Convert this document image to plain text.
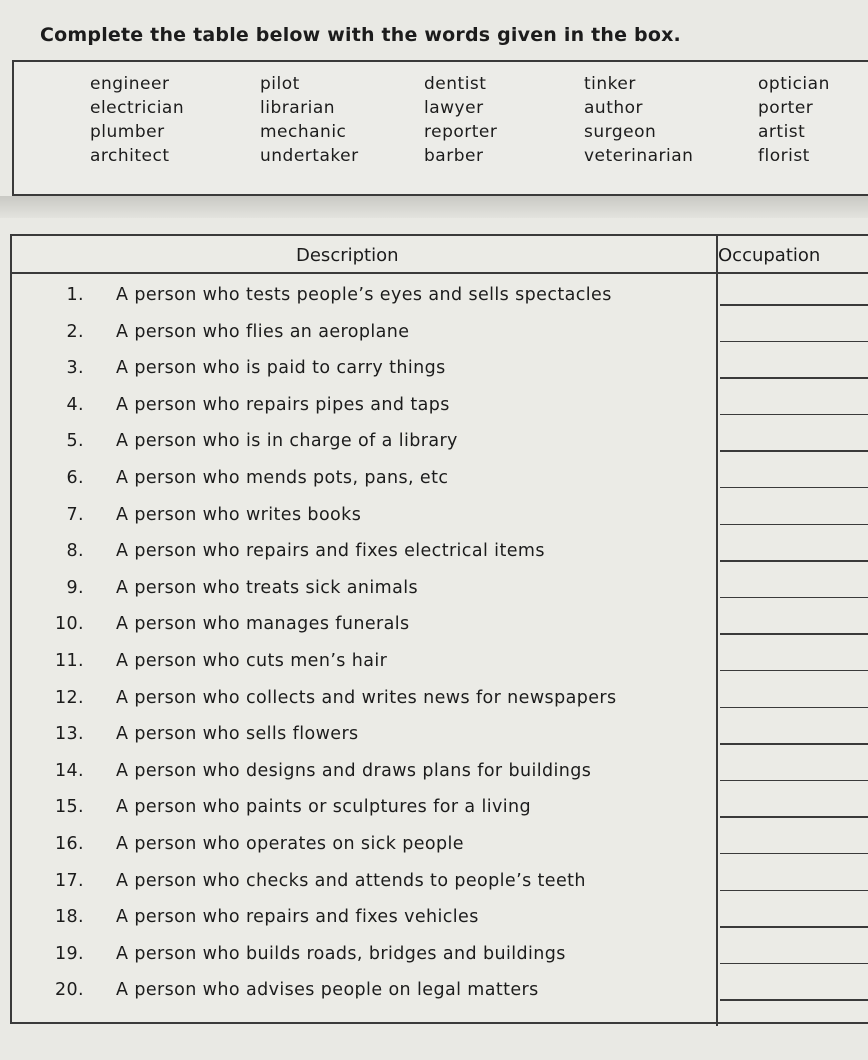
Complete the table below with the words given in the box.
engineer	pilot	dentist	tinker	optician
electrician	librarian	lawyer	author	porter
plumber	mechanic	reporter	surgeon	artist
architect	undertaker	barber	veterinarian	florist
Description	Occupation
1. A person who tests people’s eyes and sells spectacles
2. A person who flies an aeroplane
3. A person who is paid to carry things
4. A person who repairs pipes and taps
5. A person who is in charge of a library
6. A person who mends pots, pans, etc
7. A person who writes books
8. A person who repairs and fixes electrical items
9. A person who treats sick animals
10. A person who manages funerals
11. A person who cuts men’s hair
12. A person who collects and writes news for newspapers
13. A person who sells flowers
14. A person who designs and draws plans for buildings
15. A person who paints or sculptures for a living
16. A person who operates on sick people
17. A person who checks and attends to people’s teeth
18. A person who repairs and fixes vehicles
19. A person who builds roads, bridges and buildings
20. A person who advises people on legal matters
